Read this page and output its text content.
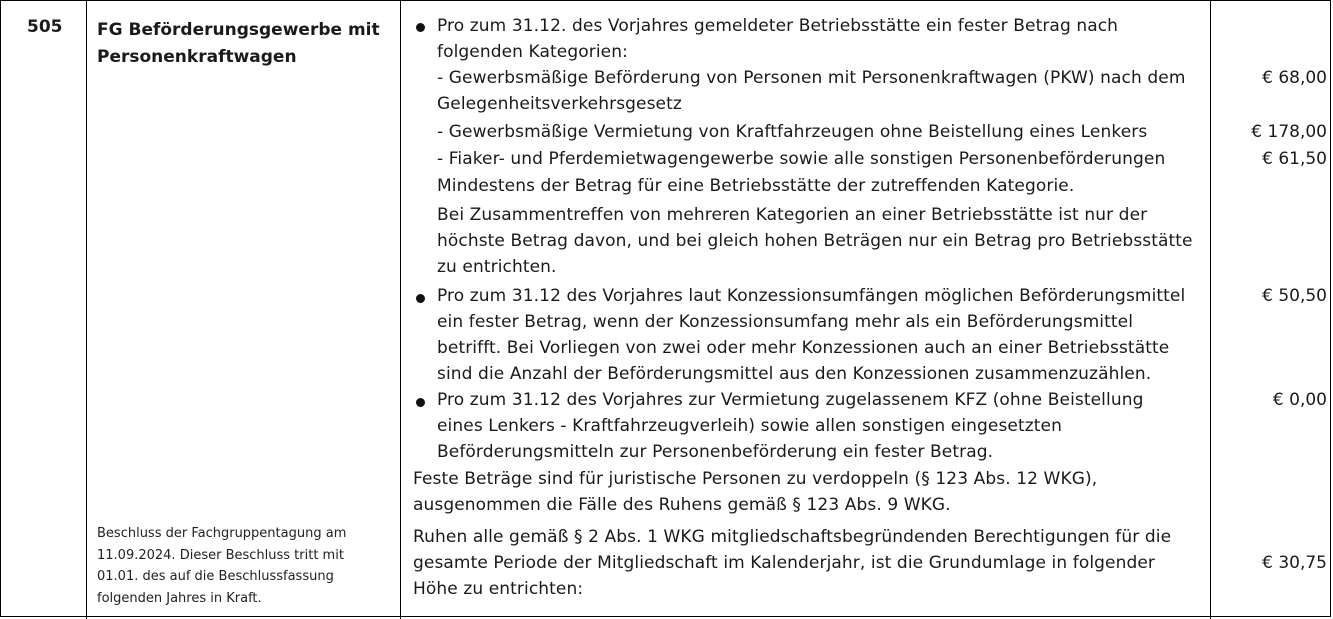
505 FG Beförderungsgewerbe mit
Personenkraftwagen
Beschluss der Fachgruppentagung am
11.09.2024. Dieser Beschluss tritt mit
01.01. des auf die Beschlussfassung
folgenden Jahres in Kraft.
Pro zum 31.12. des Vorjahres gemeldeter Betriebsstätte ein fester Betrag nach
folgenden Kategorien:
- Gewerbsmäßige Beförderung von Personen mit Personenkraftwagen (PKW) nach dem
Gelegenheitsverkehrsgesetz
- Gewerbsmäßige Vermietung von Kraftfahrzeugen ohne Beistellung eines Lenkers
- Fiaker- und Pferdemietwagengewerbe sowie alle sonstigen Personenbeförderungen
Mindestens der Betrag für eine Betriebsstätte der zutreffenden Kategorie.
Bei Zusammentreffen von mehreren Kategorien an einer Betriebsstätte ist nur der
höchste Betrag davon, und bei gleich hohen Beträgen nur ein Betrag pro Betriebsstätte
zu entrichten.
Pro zum 31.12 des Vorjahres laut Konzessionsumfängen möglichen Beförderungsmittel
ein fester Betrag, wenn der Konzessionsumfang mehr als ein Beförderungsmittel
betrifft. Bei Vorliegen von zwei oder mehr Konzessionen auch an einer Betriebsstätte
sind die Anzahl der Beförderungsmittel aus den Konzessionen zusammenzuzählen.
Pro zum 31.12 des Vorjahres zur Vermietung zugelassenem KFZ (ohne Beistellung
eines Lenkers - Kraftfahrzeugverleih) sowie allen sonstigen eingesetzten
Beförderungsmitteln zur Personenbeförderung ein fester Betrag.
Feste Beträge sind für juristische Personen zu verdoppeln (§ 123 Abs. 12 WKG),
ausgenommen die Fälle des Ruhens gemäß § 123 Abs. 9 WKG.
Ruhen alle gemäß § 2 Abs. 1 WKG mitgliedschaftsbegründenden Berechtigungen für die
gesamte Periode der Mitgliedschaft im Kalenderjahr, ist die Grundumlage in folgender
Höhe zu entrichten:
€ 68,00
€ 178,00
€ 61,50
€ 50,50
€ 0,00
€ 30,75
